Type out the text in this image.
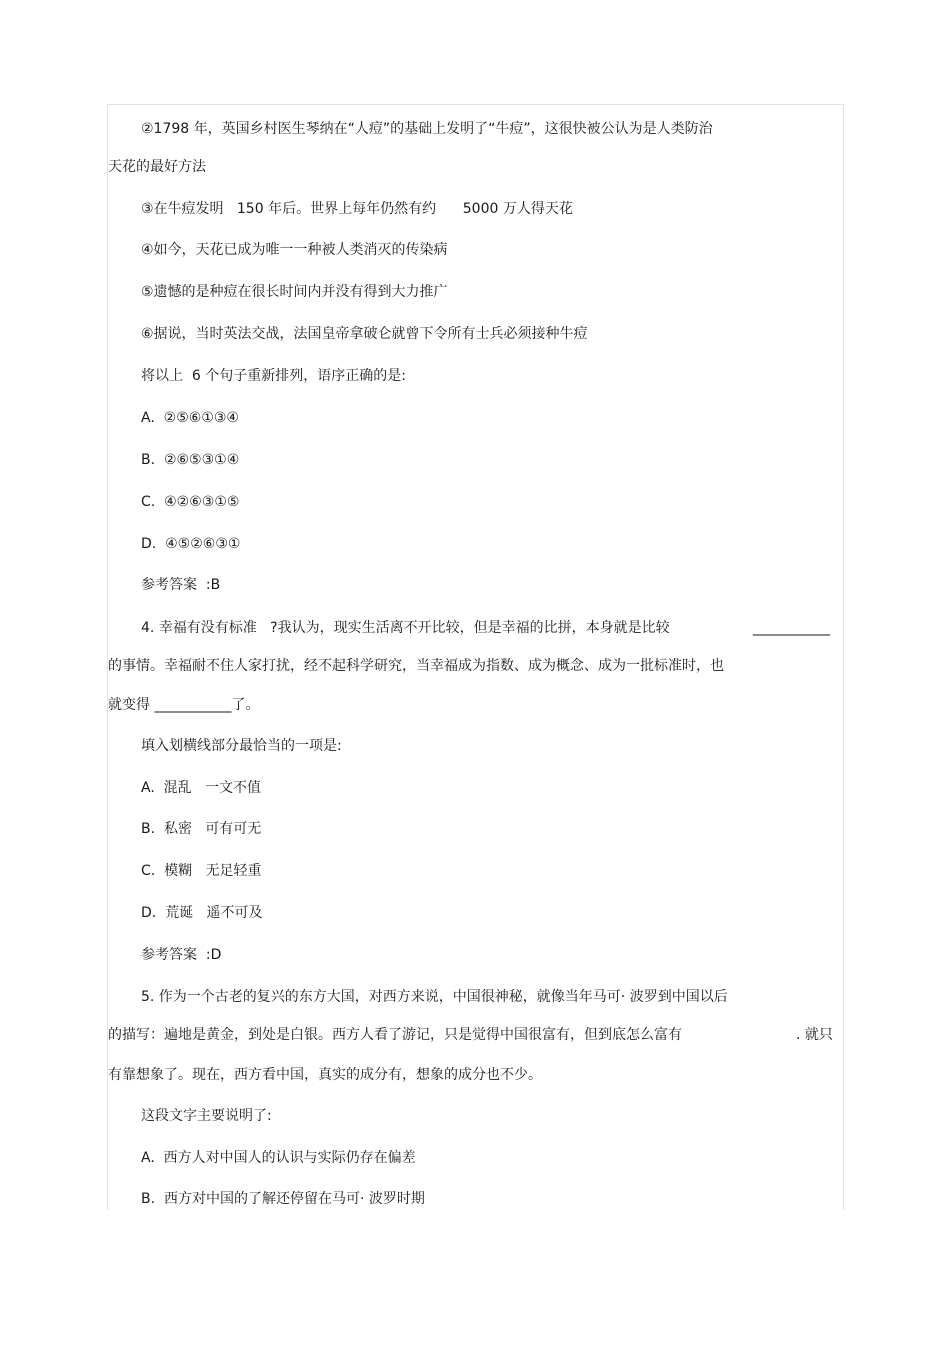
②1798 年，英国乡村医生琴纳在“人痘”的基础上发明了“牛痘”，这很快被公认为是人类防治
天花的最好方法
③在牛痘发明   150 年后。世界上每年仍然有约      5000 万人得天花
④如今，天花已成为唯一一种被人类消灭的传染病
⑤遗憾的是种痘在很长时间内并没有得到大力推广
⑥据说，当时英法交战，法国皇帝拿破仑就曾下令所有士兵必须接种牛痘
将以上  6 个句子重新排列，语序正确的是:
A.  ②⑤⑥①③④
B.  ②⑥⑤③①④
C.  ④②⑥③①⑤
D.  ④⑤②⑥③①
参考答案  :B
4. 幸福有没有标准   ?我认为，现实生活离不开比较，但是幸福的比拼，本身就是比较	___________
的事情。幸福耐不住人家打扰，经不起科学研究，当幸福成为指数、成为概念、成为一批标准时，也
就变得 ___________了。
填入划横线部分最恰当的一项是:
A.  混乱   一文不值
B.  私密   可有可无
C.  模糊   无足轻重
D.  荒诞   遥不可及
参考答案  :D
5. 作为一个古老的复兴的东方大国，对西方来说，中国很神秘，就像当年马可· 波罗到中国以后
的描写：遍地是黄金，到处是白银。西方人看了游记，只是觉得中国很富有，但到底怎么富有	. 就只
有靠想象了。现在，西方看中国，真实的成分有，想象的成分也不少。
这段文字主要说明了:
A.  西方人对中国人的认识与实际仍存在偏差
B.  西方对中国的了解还停留在马可· 波罗时期
